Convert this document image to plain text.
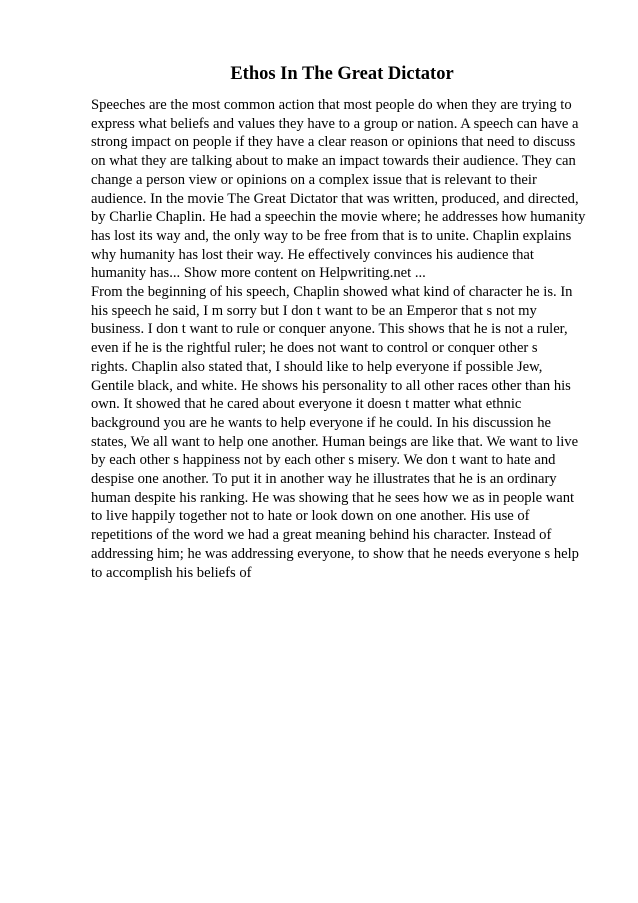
Ethos In The Great Dictator
Speeches are the most common action that most people do when they are trying to
express what beliefs and values they have to a group or nation. A speech can have a
strong impact on people if they have a clear reason or opinions that need to discuss
on what they are talking about to make an impact towards their audience. They can
change a person view or opinions on a complex issue that is relevant to their
audience. In the movie The Great Dictator that was written, produced, and directed,
by Charlie Chaplin. He had a speechin the movie where; he addresses how humanity
has lost its way and, the only way to be free from that is to unite. Chaplin explains
why humanity has lost their way. He effectively convinces his audience that
humanity has... Show more content on Helpwriting.net ...
From the beginning of his speech, Chaplin showed what kind of character he is. In
his speech he said, I m sorry but I don t want to be an Emperor that s not my
business. I don t want to rule or conquer anyone. This shows that he is not a ruler,
even if he is the rightful ruler; he does not want to control or conquer other s
rights. Chaplin also stated that, I should like to help everyone if possible Jew,
Gentile black, and white. He shows his personality to all other races other than his
own. It showed that he cared about everyone it doesn t matter what ethnic
background you are he wants to help everyone if he could. In his discussion he
states, We all want to help one another. Human beings are like that. We want to live
by each other s happiness not by each other s misery. We don t want to hate and
despise one another. To put it in another way he illustrates that he is an ordinary
human despite his ranking. He was showing that he sees how we as in people want
to live happily together not to hate or look down on one another. His use of
repetitions of the word we had a great meaning behind his character. Instead of
addressing him; he was addressing everyone, to show that he needs everyone s help
to accomplish his beliefs of
